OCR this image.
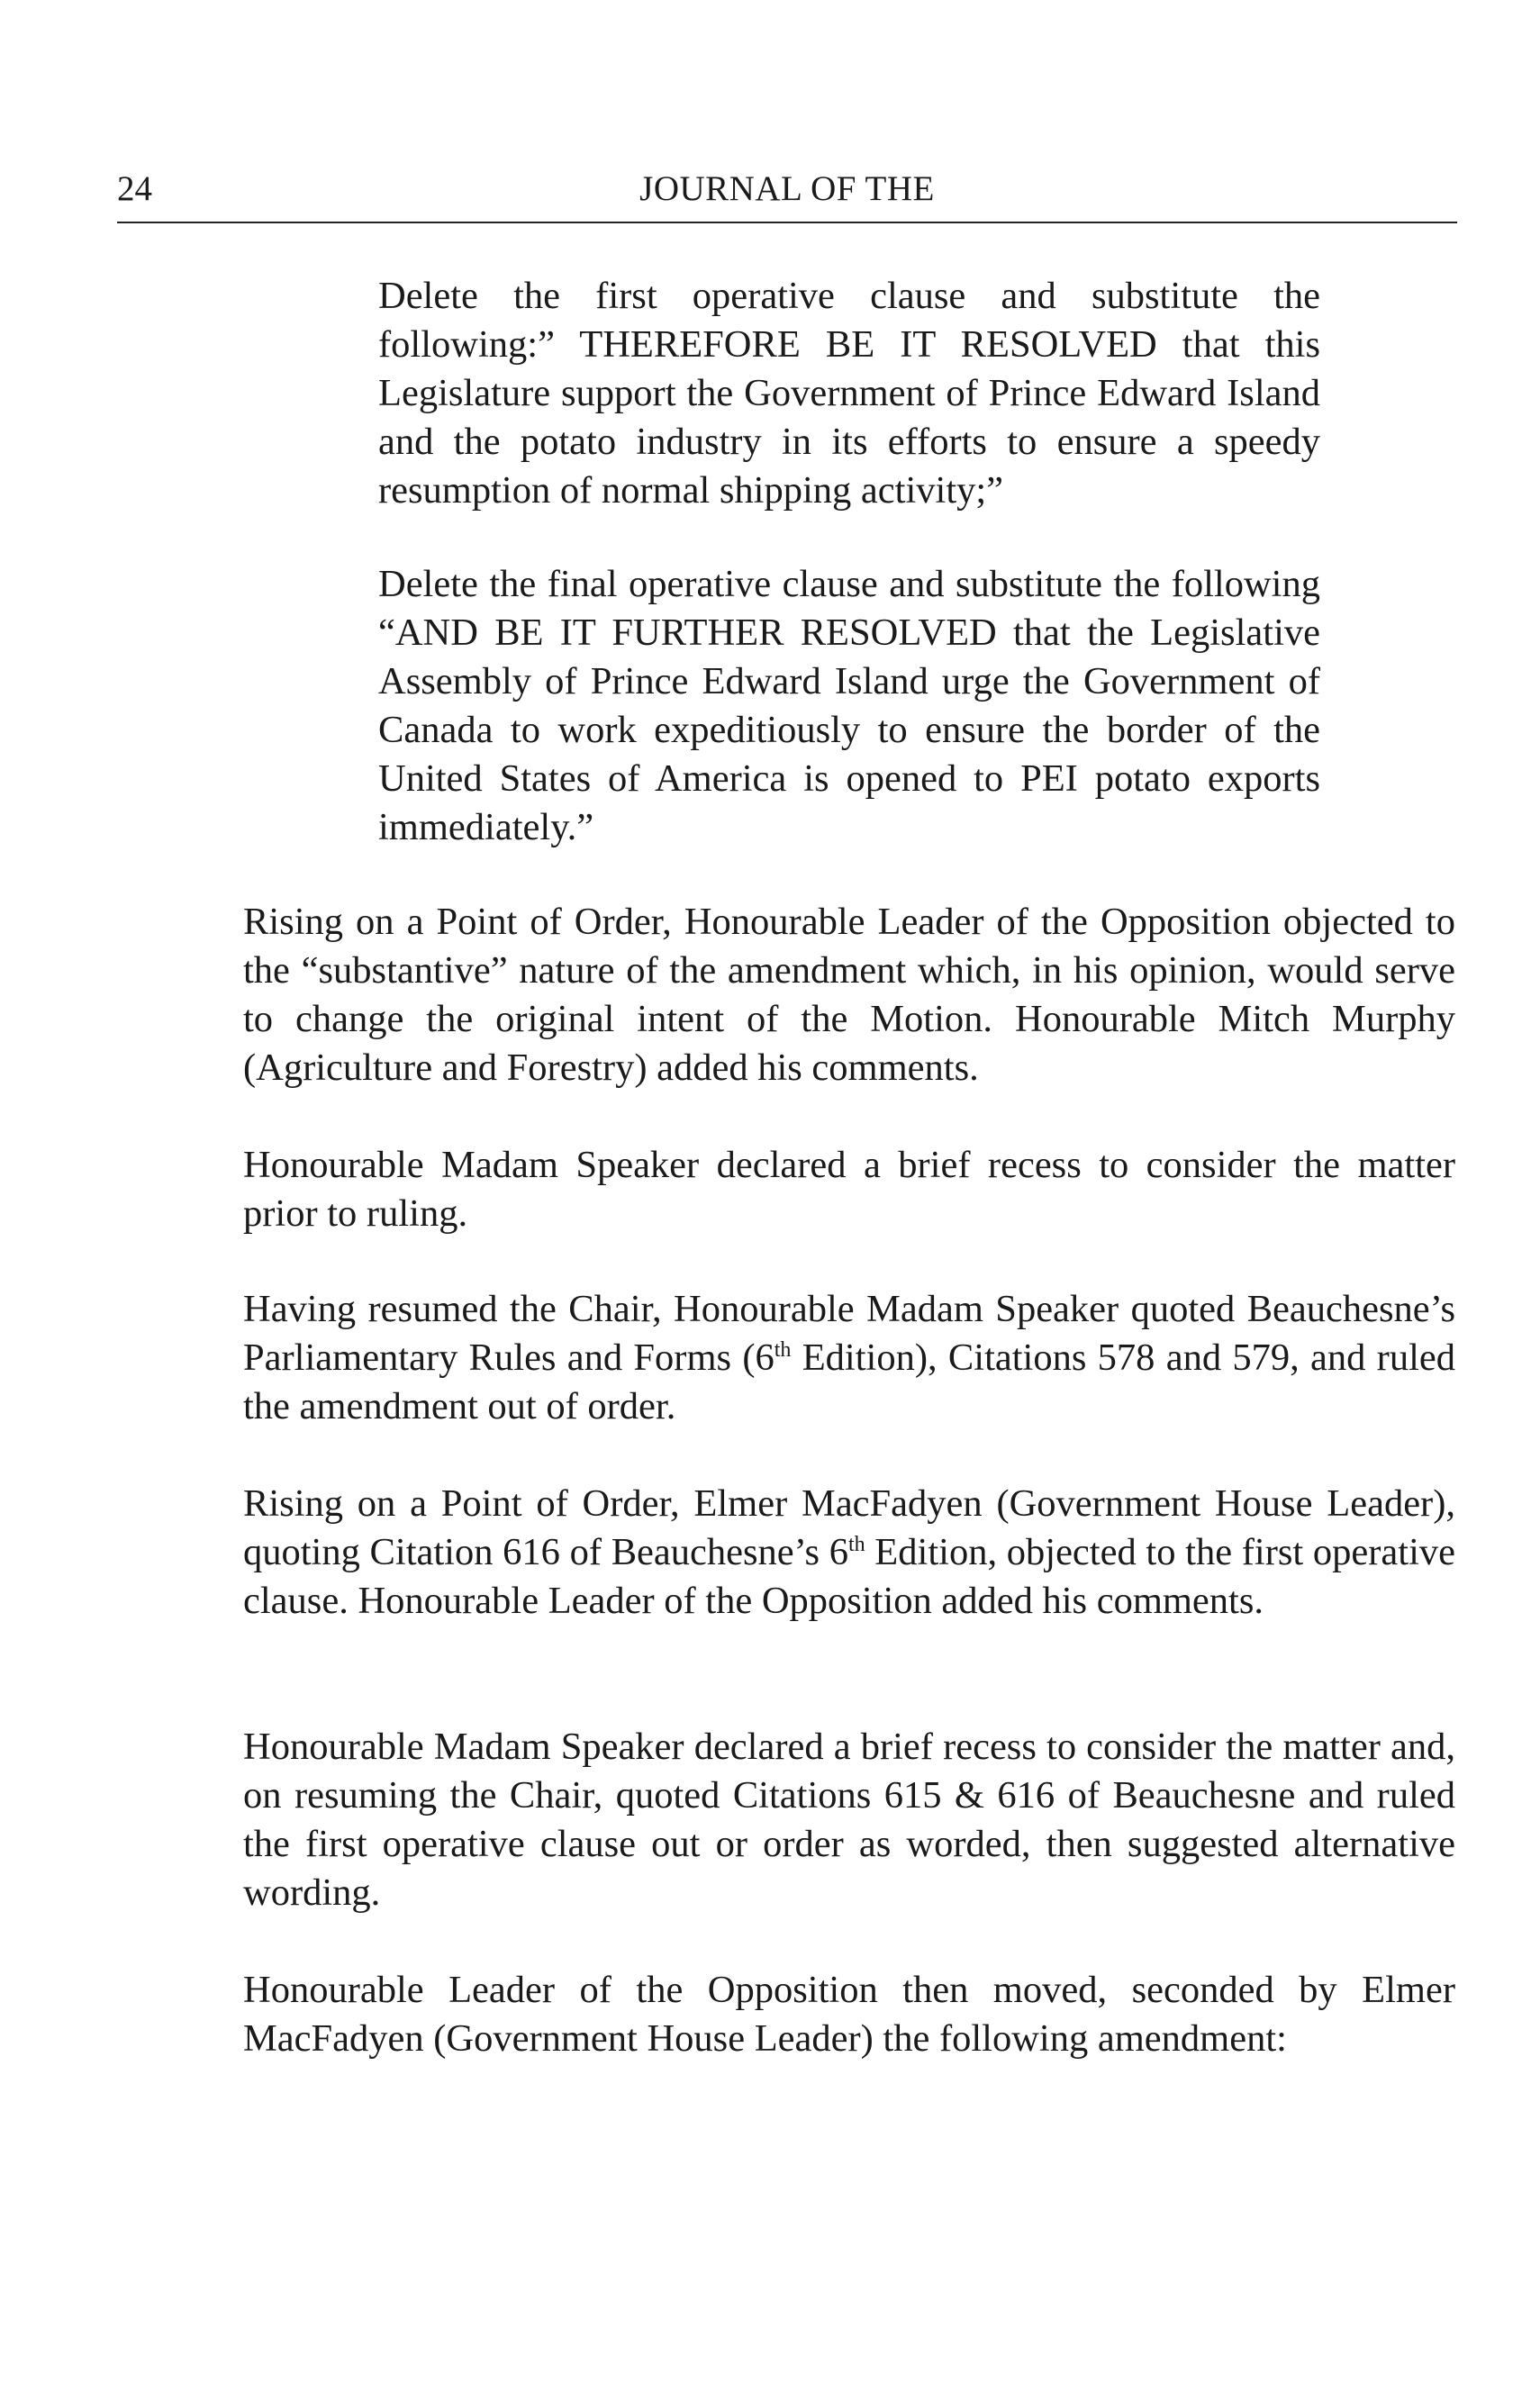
24	JOURNAL OF THE

Delete the first operative clause and substitute the following:” THEREFORE BE IT RESOLVED that this Legislature support the Government of Prince Edward Island and the potato industry in its efforts to ensure a speedy resumption of normal shipping activity;”

Delete the final operative clause and substitute the following “AND BE IT FURTHER RESOLVED that the Legislative Assembly of Prince Edward Island urge the Government of Canada to work expeditiously to ensure the border of the United States of America is opened to PEI potato exports immediately.”

Rising on a Point of Order, Honourable Leader of the Opposition objected to the “substantive” nature of the amendment which, in his opinion, would serve to change the original intent of the Motion. Honourable Mitch Murphy (Agriculture and Forestry) added his comments.

Honourable Madam Speaker declared a brief recess to consider the matter prior to ruling.

Having resumed the Chair, Honourable Madam Speaker quoted Beauchesne’s Parliamentary Rules and Forms (6th Edition), Citations 578 and 579, and ruled the amendment out of order.

Rising on a Point of Order, Elmer MacFadyen (Government House Leader), quoting Citation 616 of Beauchesne’s 6th Edition, objected to the first operative clause. Honourable Leader of the Opposition added his comments.

Honourable Madam Speaker declared a brief recess to consider the matter and, on resuming the Chair, quoted Citations 615 & 616 of Beauchesne and ruled the first operative clause out or order as worded, then suggested alternative wording.

Honourable Leader of the Opposition then moved, seconded by Elmer MacFadyen (Government House Leader) the following amendment:
